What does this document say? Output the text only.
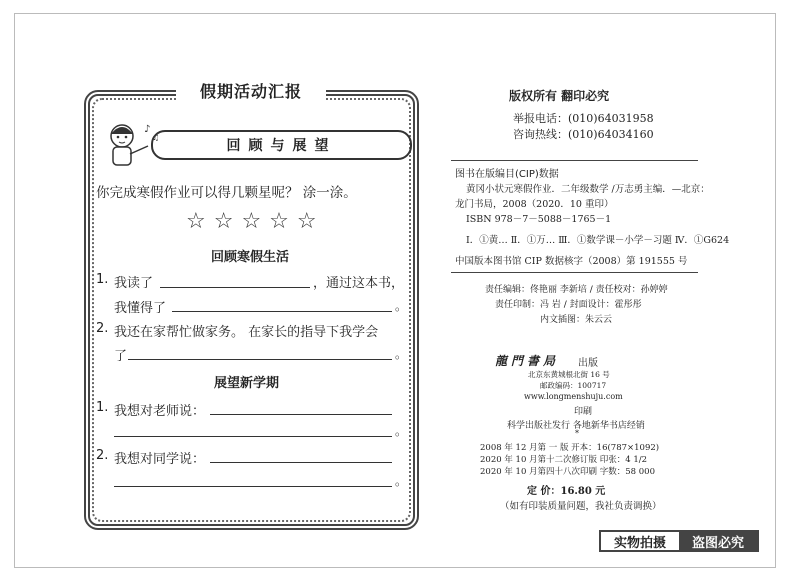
假期活动汇报
♪
♫
回顾与展望
你完成寒假作业可以得几颗星呢？ 涂一涂。
☆☆☆☆☆
回顾寒假生活
1. 我读了	，通过这本书，
我懂得了	。
2. 我还在家帮忙做家务。 在家长的指导下我学会
了	。
展望新学期
1. 我想对老师说：
。
2. 我想对同学说：
。
版权所有 翻印必究
举报电话：(010)64031958
咨询热线：(010)64034160
图书在版编目(CIP)数据
黄冈小状元寒假作业．二年级数学 /万志勇主编．—北京：
龙门书局，2008（2020．10 重印）
ISBN 978－7－5088－1765－1
Ⅰ．①黄… Ⅱ．①万… Ⅲ．①数学课－小学－习题 Ⅳ．①G624
中国版本图书馆 CIP 数据核字（2008）第 191555 号
责任编辑：佟艳丽 李新培 / 责任校对：孙婷婷
责任印制：冯 岩 / 封面设计：霍彤彤
内文插图：朱云云
龍門書局 出版
北京东黄城根北街 16 号
邮政编码：100717
www.longmenshuju.com
印刷
科学出版社发行 各地新华书店经销
*
2008 年 12 月第 一 版 开本：16(787×1092)
2020 年 10 月第十二次修订版 印张：4 1/2
2020 年 10 月第四十八次印刷 字数：58 000
定 价：16.80 元
（如有印装质量问题，我社负责调换）
实物拍摄	盗图必究
